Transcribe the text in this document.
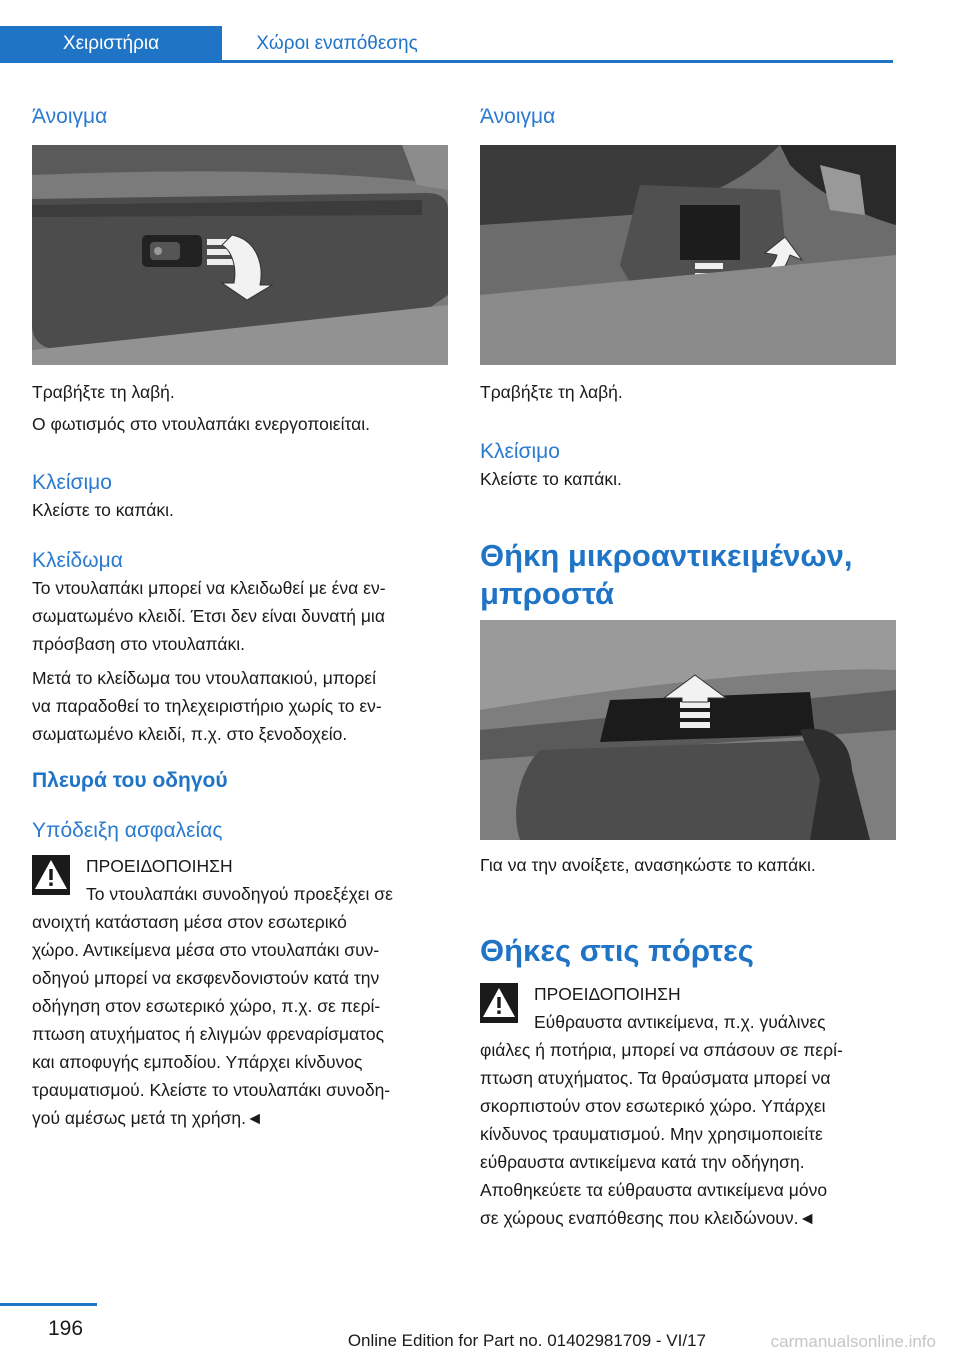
Χειριστήρια	Χώροι εναπόθεσης
Άνοιγμα

Τραβήξτε τη λαβή.

Ο φωτισμός στο ντουλαπάκι ενεργοποιείται.

Κλείσιμο

Κλείστε το καπάκι.

Κλείδωμα

Το ντουλαπάκι μπορεί να κλειδωθεί με ένα εν‐
σωματωμένο κλειδί. Έτσι δεν είναι δυνατή μια
πρόσβαση στο ντουλαπάκι.

Μετά το κλείδωμα του ντουλαπακιού, μπορεί
να παραδοθεί το τηλεχειριστήριο χωρίς το εν‐
σωματωμένο κλειδί, π.χ. στο ξενοδοχείο.

Πλευρά του οδηγού
Υπόδειξη ασφαλείας

ΠΡΟΕΙΔΟΠΟΙΗΣΗ

Το ντουλαπάκι συνοδηγού προεξέχει σε

ανοιχτή κατάσταση μέσα στον εσωτερικό

χώρο. Αντικείμενα μέσα στο ντουλαπάκι συν‐

οδηγού μπορεί να εκσφενδονιστούν κατά την

οδήγηση στον εσωτερικό χώρο, π.χ. σε περί‐

πτωση ατυχήματος ή ελιγμών φρεναρίσματος

και αποφυγής εμποδίου. Υπάρχει κίνδυνος

τραυματισμού. Κλείστε το ντουλαπάκι συνοδη‐

γού αμέσως μετά τη χρήση.◄

Άνοιγμα

Τραβήξτε τη λαβή.

Κλείσιμο

Κλείστε το καπάκι.

Θήκη μικροαντικειμένων,
μπροστά

Για να την ανοίξετε, ανασηκώστε το καπάκι.

Θήκες στις πόρτες

ΠΡΟΕΙΔΟΠΟΙΗΣΗ

Εύθραυστα αντικείμενα, π.χ. γυάλινες

φιάλες ή ποτήρια, μπορεί να σπάσουν σε περί‐

πτωση ατυχήματος. Τα θραύσματα μπορεί να

σκορπιστούν στον εσωτερικό χώρο. Υπάρχει

κίνδυνος τραυματισμού. Μην χρησιμοποιείτε

εύθραυστα αντικείμενα κατά την οδήγηση.

Αποθηκεύετε τα εύθραυστα αντικείμενα μόνο

σε χώρους εναπόθεσης που κλειδώνουν.◄

196
Online Edition for Part no. 01402981709 - VI/17	carmanualsonline.info
